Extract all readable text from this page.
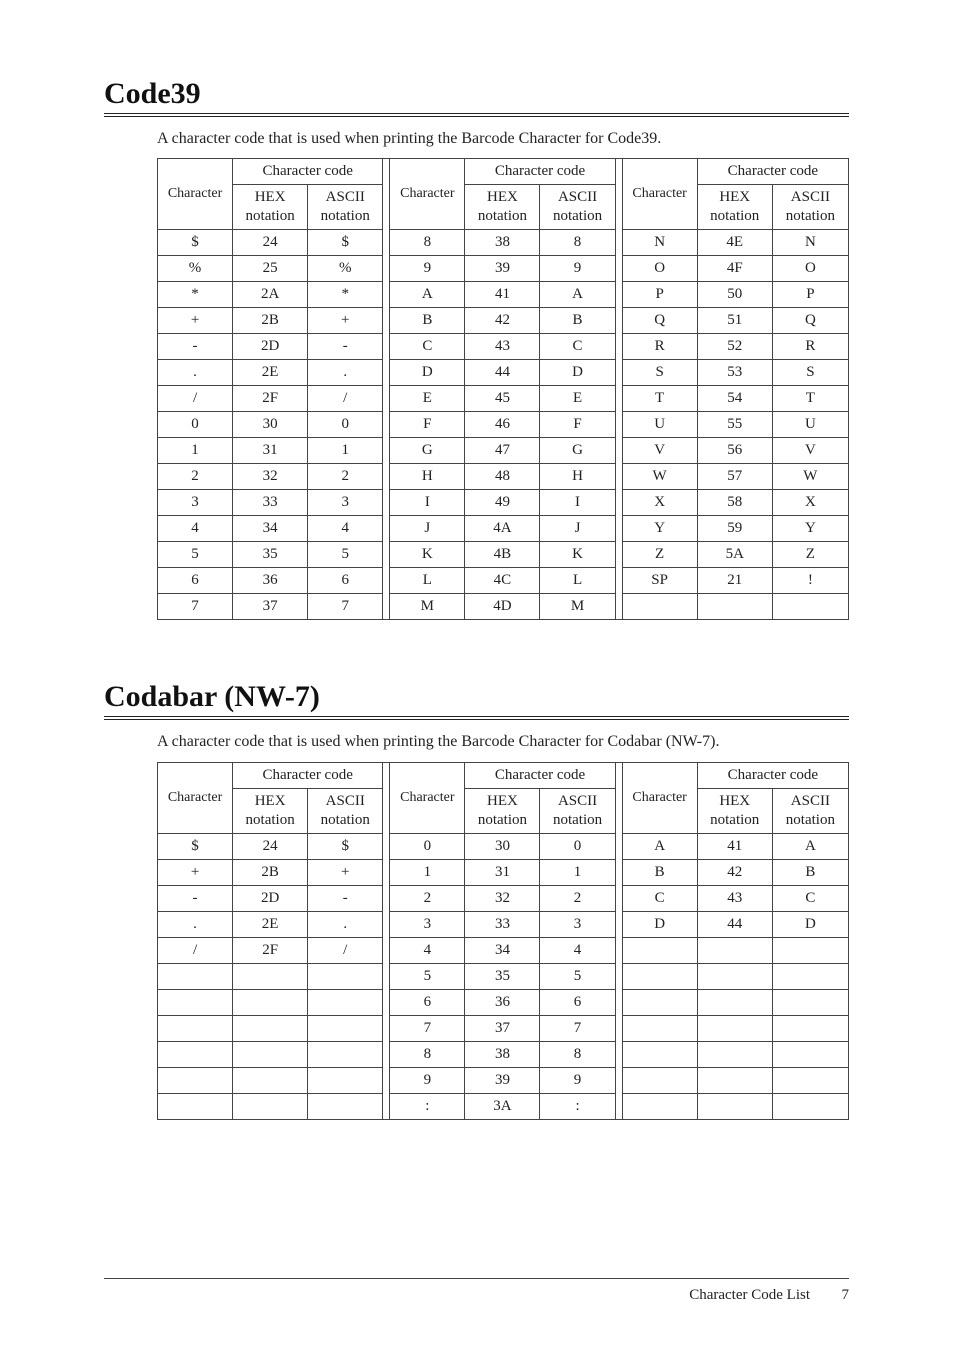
Code39

A character code that is used when printing the Barcode Character for Code39.

Character	Character code			Character	Character code			Character	Character code	
	HEX notation	ASCII notation			HEX notation	ASCII notation			HEX notation	ASCII notation
$	24	$		8	38	8		N	4E	N
%	25	%		9	39	9		O	4F	O
*	2A	*		A	41	A		P	50	P
+	2B	+		B	42	B		Q	51	Q
-	2D	-		C	43	C		R	52	R
.	2E	.		D	44	D		S	53	S
/	2F	/		E	45	E		T	54	T
0	30	0		F	46	F		U	55	U
1	31	1		G	47	G		V	56	V
2	32	2		H	48	H		W	57	W
3	33	3		I	49	I		X	58	X
4	34	4		J	4A	J		Y	59	Y
5	35	5		K	4B	K		Z	5A	Z
6	36	6		L	4C	L		SP	21	!
7	37	7		M	4D	M				
Codabar (NW-7)

A character code that is used when printing the Barcode Character for Codabar (NW-7).

Character	Character code			Character	Character code			Character	Character code	
	HEX notation	ASCII notation			HEX notation	ASCII notation			HEX notation	ASCII notation
$	24	$		0	30	0		A	41	A
+	2B	+		1	31	1		B	42	B
-	2D	-		2	32	2		C	43	C
.	2E	.		3	33	3		D	44	D
/	2F	/		4	34	4				
				5	35	5				
				6	36	6				
				7	37	7				
				8	38	8				
				9	39	9				
				:	3A	:				
Character Code List	7
